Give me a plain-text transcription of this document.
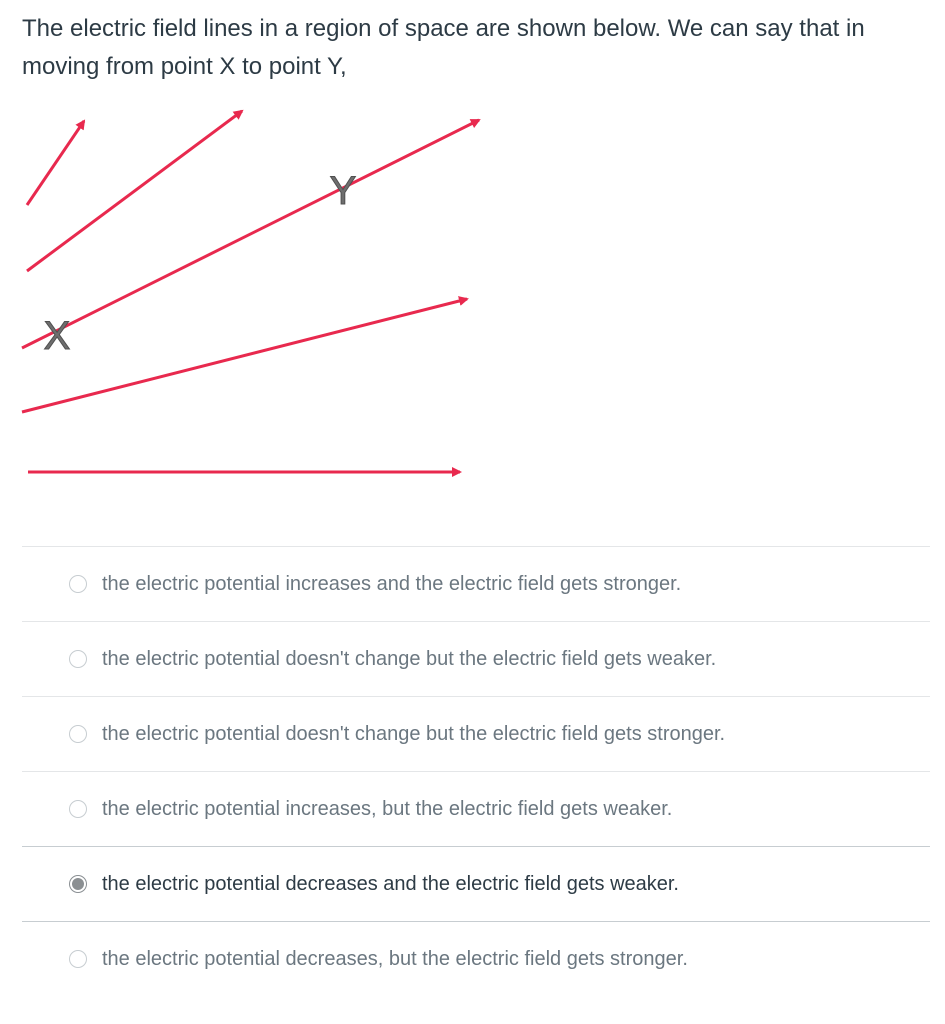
The electric field lines in a region of space are shown below. We can say that in moving from point X to point Y,

X
Y
the electric potential increases and the electric field gets stronger.
the electric potential doesn't change but the electric field gets weaker.
the electric potential doesn't change but the electric field gets stronger.
the electric potential increases, but the electric field gets weaker.
the electric potential decreases and the electric field gets weaker.
the electric potential decreases, but the electric field gets stronger.
